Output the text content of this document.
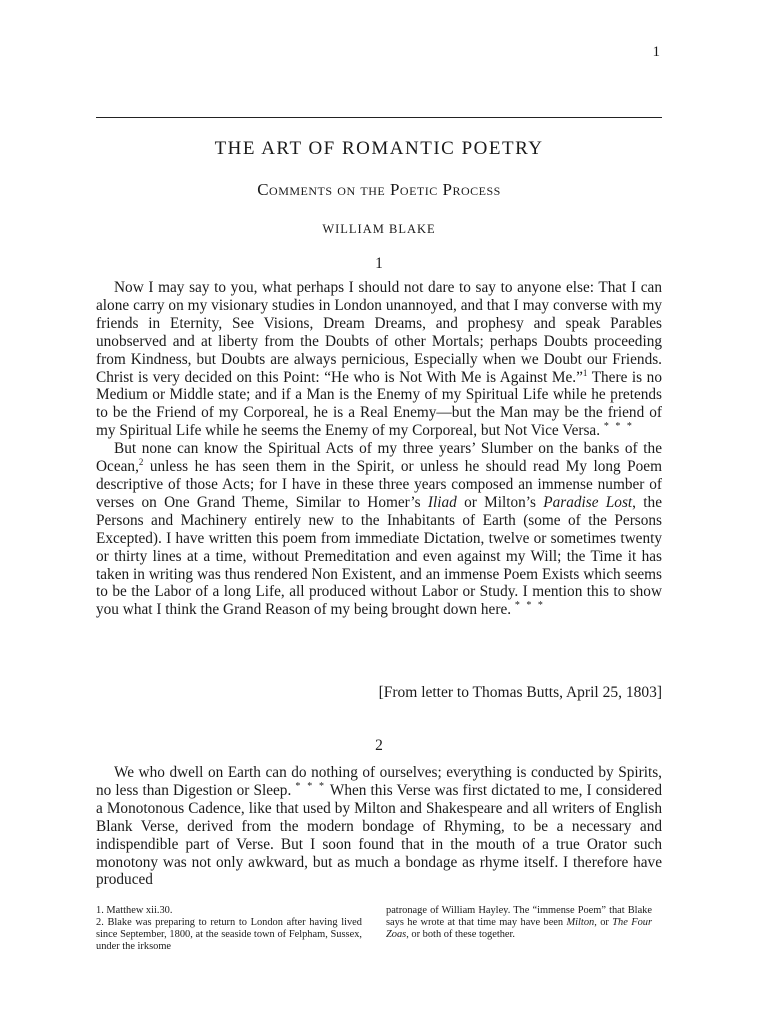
1
THE ART OF ROMANTIC POETRY
Comments on the Poetic Process
WILLIAM BLAKE
1

Now I may say to you, what perhaps I should not dare to say to anyone else: That I can alone carry on my visionary studies in London unannoyed, and that I may converse with my friends in Eternity, See Visions, Dream Dreams, and prophesy and speak Parables unobserved and at liberty from the Doubts of other Mortals; perhaps Doubts proceeding from Kindness, but Doubts are always pernicious, Especially when we Doubt our Friends. Christ is very decided on this Point: “He who is Not With Me is Against Me.”$^1$ There is no Medium or Middle state; and if a Man is the Enemy of my Spiritual Life while he pretends to be the Friend of my Corporeal, he is a Real Enemy—but the Man may be the friend of my Spiritual Life while he seems the Enemy of my Corporeal, but Not Vice Versa. * * *

But none can know the Spiritual Acts of my three years’ Slumber on the banks of the Ocean,$^2$ unless he has seen them in the Spirit, or unless he should read My long Poem descriptive of those Acts; for I have in these three years composed an immense number of verses on One Grand Theme, Similar to Homer’s Iliad or Milton’s Paradise Lost, the Persons and Machinery entirely new to the Inhabitants of Earth (some of the Persons Excepted). I have written this poem from immediate Dictation, twelve or sometimes twenty or thirty lines at a time, without Premeditation and even against my Will; the Time it has taken in writing was thus rendered Non Existent, and an immense Poem Exists which seems to be the Labor of a long Life, all produced without Labor or Study. I mention this to show you what I think the Grand Reason of my being brought down here. * * *

[From letter to Thomas Butts, April 25, 1803]
2

We who dwell on Earth can do nothing of ourselves; everything is conducted by Spirits, no less than Digestion or Sleep. * * * When this Verse was first dictated to me, I considered a Monotonous Cadence, like that used by Milton and Shakespeare and all writers of English Blank Verse, derived from the modern bondage of Rhyming, to be a necessary and indispendible part of Verse. But I soon found that in the mouth of a true Orator such monotony was not only awkward, but as much a bondage as rhyme itself. I therefore have produced

1. Matthew xii.30.
2. Blake was preparing to return to London after having lived since September, 1800, at the seaside town of Felpham, Sussex, under the irksome
patronage of William Hayley. The “immense Poem” that Blake says he wrote at that time may have been Milton, or The Four Zoas, or both of these together.
